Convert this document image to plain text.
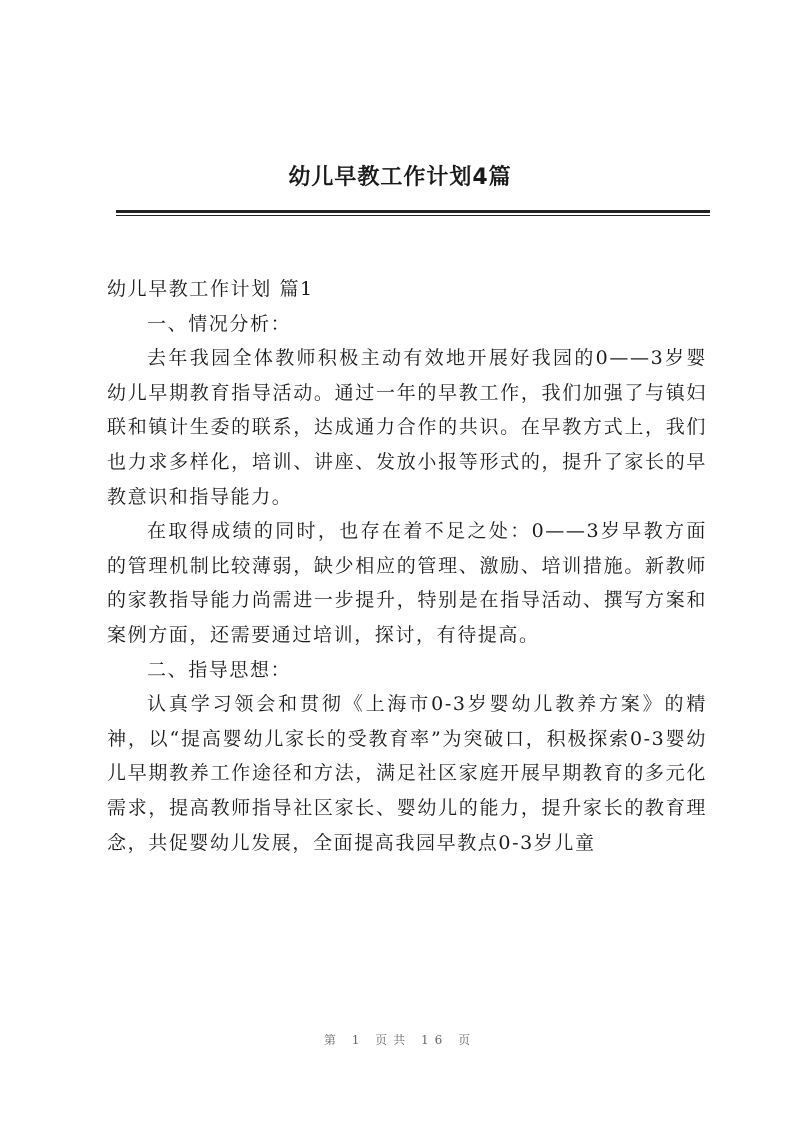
幼儿早教工作计划4篇

幼儿早教工作计划 篇1

一、情况分析：

去年我园全体教师积极主动有效地开展好我园的0——3岁婴幼儿早期教育指导活动。通过一年的早教工作，我们加强了与镇妇联和镇计生委的联系，达成通力合作的共识。在早教方式上，我们也力求多样化，培训、讲座、发放小报等形式的，提升了家长的早教意识和指导能力。

在取得成绩的同时，也存在着不足之处：0——3岁早教方面的管理机制比较薄弱，缺少相应的管理、激励、培训措施。新教师的家教指导能力尚需进一步提升，特别是在指导活动、撰写方案和案例方面，还需要通过培训，探讨，有待提高。

二、指导思想：

认真学习领会和贯彻《上海市0-3岁婴幼儿教养方案》的精神，以“提高婴幼儿家长的受教育率”为突破口，积极探索0-3婴幼儿早期教养工作途径和方法，满足社区家庭开展早期教育的多元化需求，提高教师指导社区家长、婴幼儿的能力，提升家长的教育理念，共促婴幼儿发展，全面提高我园早教点0-3岁儿童

第 1 页共 16 页
